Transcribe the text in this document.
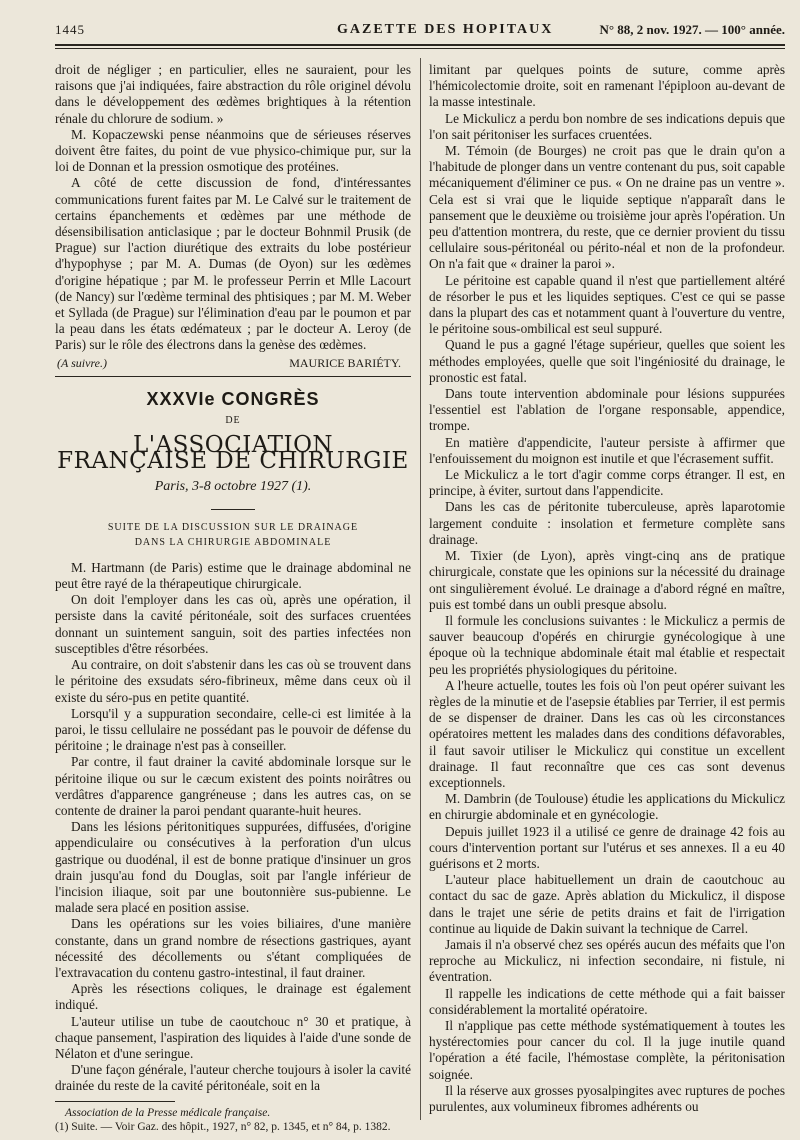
1445	GAZETTE DES HOPITAUX	N° 88, 2 nov. 1927. — 100° année.

droit de négliger ; en particulier, elles ne sauraient, pour les raisons que j'ai indiquées, faire abstraction du rôle originel dévolu dans le développement des œdèmes brightiques à la rétention rénale du chlorure de sodium. »

M. Kopaczewski pense néanmoins que de sérieuses réserves doivent être faites, du point de vue physico-chimique pur, sur la loi de Donnan et la pression osmotique des protéines.

A côté de cette discussion de fond, d'intéressantes communications furent faites par M. Le Calvé sur le traitement de certains épanchements et œdèmes par une méthode de désensibilisation anticlasique ; par le docteur Bohnmil Prusik (de Prague) sur l'action diurétique des extraits du lobe postérieur d'hypophyse ; par M. A. Dumas (de Oyon) sur les œdèmes d'origine hépatique ; par M. le professeur Perrin et Mlle Lacourt (de Nancy) sur l'œdème terminal des phtisiques ; par M. M. Weber et Syllada (de Prague) sur l'élimination d'eau par le poumon et par la peau dans les états œdémateux ; par le docteur A. Leroy (de Paris) sur le rôle des électrons dans la genèse des œdèmes.

(A suivre.)	MAURICE BARIÉTY.
XXXVIe CONGRÈS
DE
L'ASSOCIATION FRANÇAISE DE CHIRURGIE
Paris, 3-8 octobre 1927 (1).
SUITE DE LA DISCUSSION SUR LE DRAINAGE
DANS LA CHIRURGIE ABDOMINALE

M. Hartmann (de Paris) estime que le drainage abdominal ne peut être rayé de la thérapeutique chirurgicale.

On doit l'employer dans les cas où, après une opération, il persiste dans la cavité péritonéale, soit des surfaces cruentées donnant un suintement sanguin, soit des parties infectées non susceptibles d'être résorbées.

Au contraire, on doit s'abstenir dans les cas où se trouvent dans le péritoine des exsudats séro-fibrineux, même dans ceux où il existe du séro-pus en petite quantité.

Lorsqu'il y a suppuration secondaire, celle-ci est limitée à la paroi, le tissu cellulaire ne possédant pas le pouvoir de défense du péritoine ; le drainage n'est pas à conseiller.

Par contre, il faut drainer la cavité abdominale lorsque sur le péritoine ilique ou sur le cæcum existent des points noirâtres ou verdâtres d'apparence gangréneuse ; dans les autres cas, on se contente de drainer la paroi pendant quarante-huit heures.

Dans les lésions péritonitiques suppurées, diffusées, d'origine appendiculaire ou consécutives à la perforation d'un ulcus gastrique ou duodénal, il est de bonne pratique d'insinuer un gros drain jusqu'au fond du Douglas, soit par l'angle inférieur de l'incision iliaque, soit par une boutonnière sus-pubienne. Le malade sera placé en position assise.

Dans les opérations sur les voies biliaires, d'une manière constante, dans un grand nombre de résections gastriques, ayant nécessité des décollements ou s'étant compliquées de l'extravacation du contenu gastro-intestinal, il faut drainer.

Après les résections coliques, le drainage est également indiqué.

L'auteur utilise un tube de caoutchouc n° 30 et pratique, à chaque pansement, l'aspiration des liquides à l'aide d'une sonde de Nélaton et d'une seringue.

D'une façon générale, l'auteur cherche toujours à isoler la cavité drainée du reste de la cavité péritonéale, soit en la

Association de la Presse médicale française.

(1) Suite. — Voir Gaz. des hôpit., 1927, n° 82, p. 1345, et n° 84, p. 1382.

limitant par quelques points de suture, comme après l'hémicolectomie droite, soit en ramenant l'épiploon au-devant de la masse intestinale.

Le Mickulicz a perdu bon nombre de ses indications depuis que l'on sait péritoniser les surfaces cruentées.

M. Témoin (de Bourges) ne croit pas que le drain qu'on a l'habitude de plonger dans un ventre contenant du pus, soit capable mécaniquement d'éliminer ce pus. « On ne draine pas un ventre ». Cela est si vrai que le liquide septique n'apparaît dans le pansement que le deuxième ou troisième jour après l'opération. Un peu d'attention montrera, du reste, que ce dernier provient du tissu cellulaire sous-péritonéal ou périto-néal et non de la profondeur. On n'a fait que « drainer la paroi ».

Le péritoine est capable quand il n'est que partiellement altéré de résorber le pus et les liquides septiques. C'est ce qui se passe dans la plupart des cas et notamment quant à l'ouverture du ventre, le péritoine sous-ombilical est seul suppuré.

Quand le pus a gagné l'étage supérieur, quelles que soient les méthodes employées, quelle que soit l'ingéniosité du drainage, le pronostic est fatal.

Dans toute intervention abdominale pour lésions suppurées l'essentiel est l'ablation de l'organe responsable, appendice, trompe.

En matière d'appendicite, l'auteur persiste à affirmer que l'enfouissement du moignon est inutile et que l'écrasement suffit.

Le Mickulicz a le tort d'agir comme corps étranger. Il est, en principe, à éviter, surtout dans l'appendicite.

Dans les cas de péritonite tuberculeuse, après laparotomie largement conduite : insolation et fermeture complète sans drainage.

M. Tixier (de Lyon), après vingt-cinq ans de pratique chirurgicale, constate que les opinions sur la nécessité du drainage ont singulièrement évolué. Le drainage a d'abord régné en maître, puis est tombé dans un oubli presque absolu.

Il formule les conclusions suivantes : le Mickulicz a permis de sauver beaucoup d'opérés en chirurgie gynécologique à une époque où la technique abdominale était mal établie et respectait peu les propriétés physiologiques du péritoine.

A l'heure actuelle, toutes les fois où l'on peut opérer suivant les règles de la minutie et de l'asepsie établies par Terrier, il est permis de se dispenser de drainer. Dans les cas où les circonstances opératoires mettent les malades dans des conditions défavorables, il faut savoir utiliser le Mickulicz qui constitue un excellent drainage. Il faut reconnaître que ces cas sont devenus exceptionnels.

M. Dambrin (de Toulouse) étudie les applications du Mickulicz en chirurgie abdominale et en gynécologie.

Depuis juillet 1923 il a utilisé ce genre de drainage 42 fois au cours d'intervention portant sur l'utérus et ses annexes. Il a eu 40 guérisons et 2 morts.

L'auteur place habituellement un drain de caoutchouc au contact du sac de gaze. Après ablation du Mickulicz, il dispose dans le trajet une série de petits drains et fait de l'irrigation continue au liquide de Dakin suivant la technique de Carrel.

Jamais il n'a observé chez ses opérés aucun des méfaits que l'on reproche au Mickulicz, ni infection secondaire, ni fistule, ni éventration.

Il rappelle les indications de cette méthode qui a fait baisser considérablement la mortalité opératoire.

Il n'applique pas cette méthode systématiquement à toutes les hystérectomies pour cancer du col. Il la juge inutile quand l'opération a été facile, l'hémostase complète, la péritonisation soignée.

Il la réserve aux grosses pyosalpingites avec ruptures de poches purulentes, aux volumineux fibromes adhérents ou
